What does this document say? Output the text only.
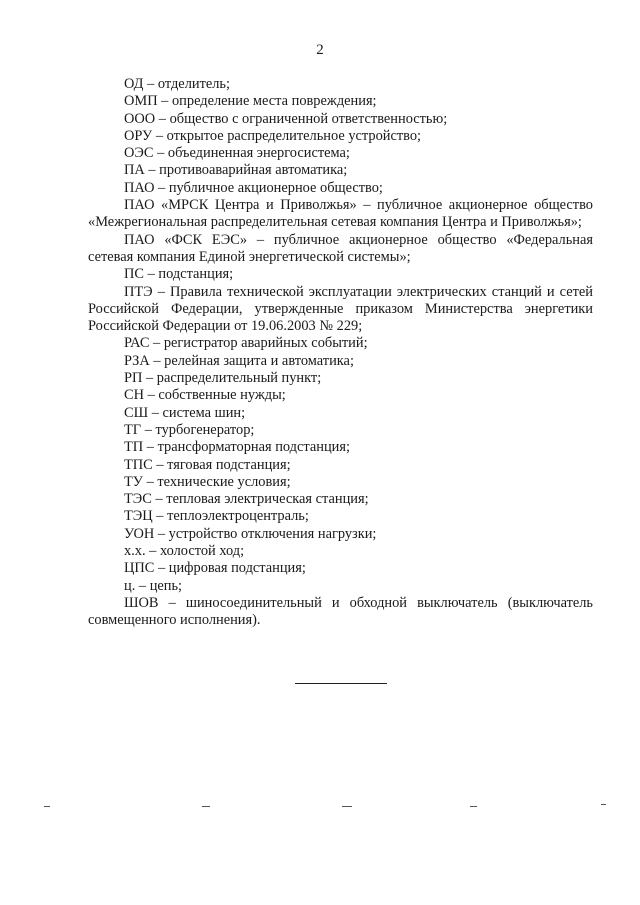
2

ОД – отделитель;

ОМП – определение места повреждения;

ООО – общество с ограниченной ответственностью;

ОРУ – открытое распределительное устройство;

ОЭС – объединенная энергосистема;

ПА – противоаварийная автоматика;

ПАО – публичное акционерное общество;

ПАО «МРСК Центра и Приволжья» – публичное акционерное общество «Межрегиональная распределительная сетевая компания Центра и Приволжья»;

ПАО «ФСК ЕЭС» – публичное акционерное общество «Федеральная сетевая компания Единой энергетической системы»;

ПС – подстанция;

ПТЭ – Правила технической эксплуатации электрических станций и сетей Российской Федерации, утвержденные приказом Министерства энергетики Российской Федерации от 19.06.2003 № 229;

РАС – регистратор аварийных событий;

РЗА – релейная защита и автоматика;

РП – распределительный пункт;

СН – собственные нужды;

СШ – система шин;

ТГ – турбогенератор;

ТП – трансформаторная подстанция;

ТПС – тяговая подстанция;

ТУ – технические условия;

ТЭС – тепловая электрическая станция;

ТЭЦ – теплоэлектроцентраль;

УОН – устройство отключения нагрузки;

х.х. – холостой ход;

ЦПС – цифровая подстанция;

ц. – цепь;

ШОВ – шиносоединительный и обходной выключатель (выключатель совмещенного исполнения).
